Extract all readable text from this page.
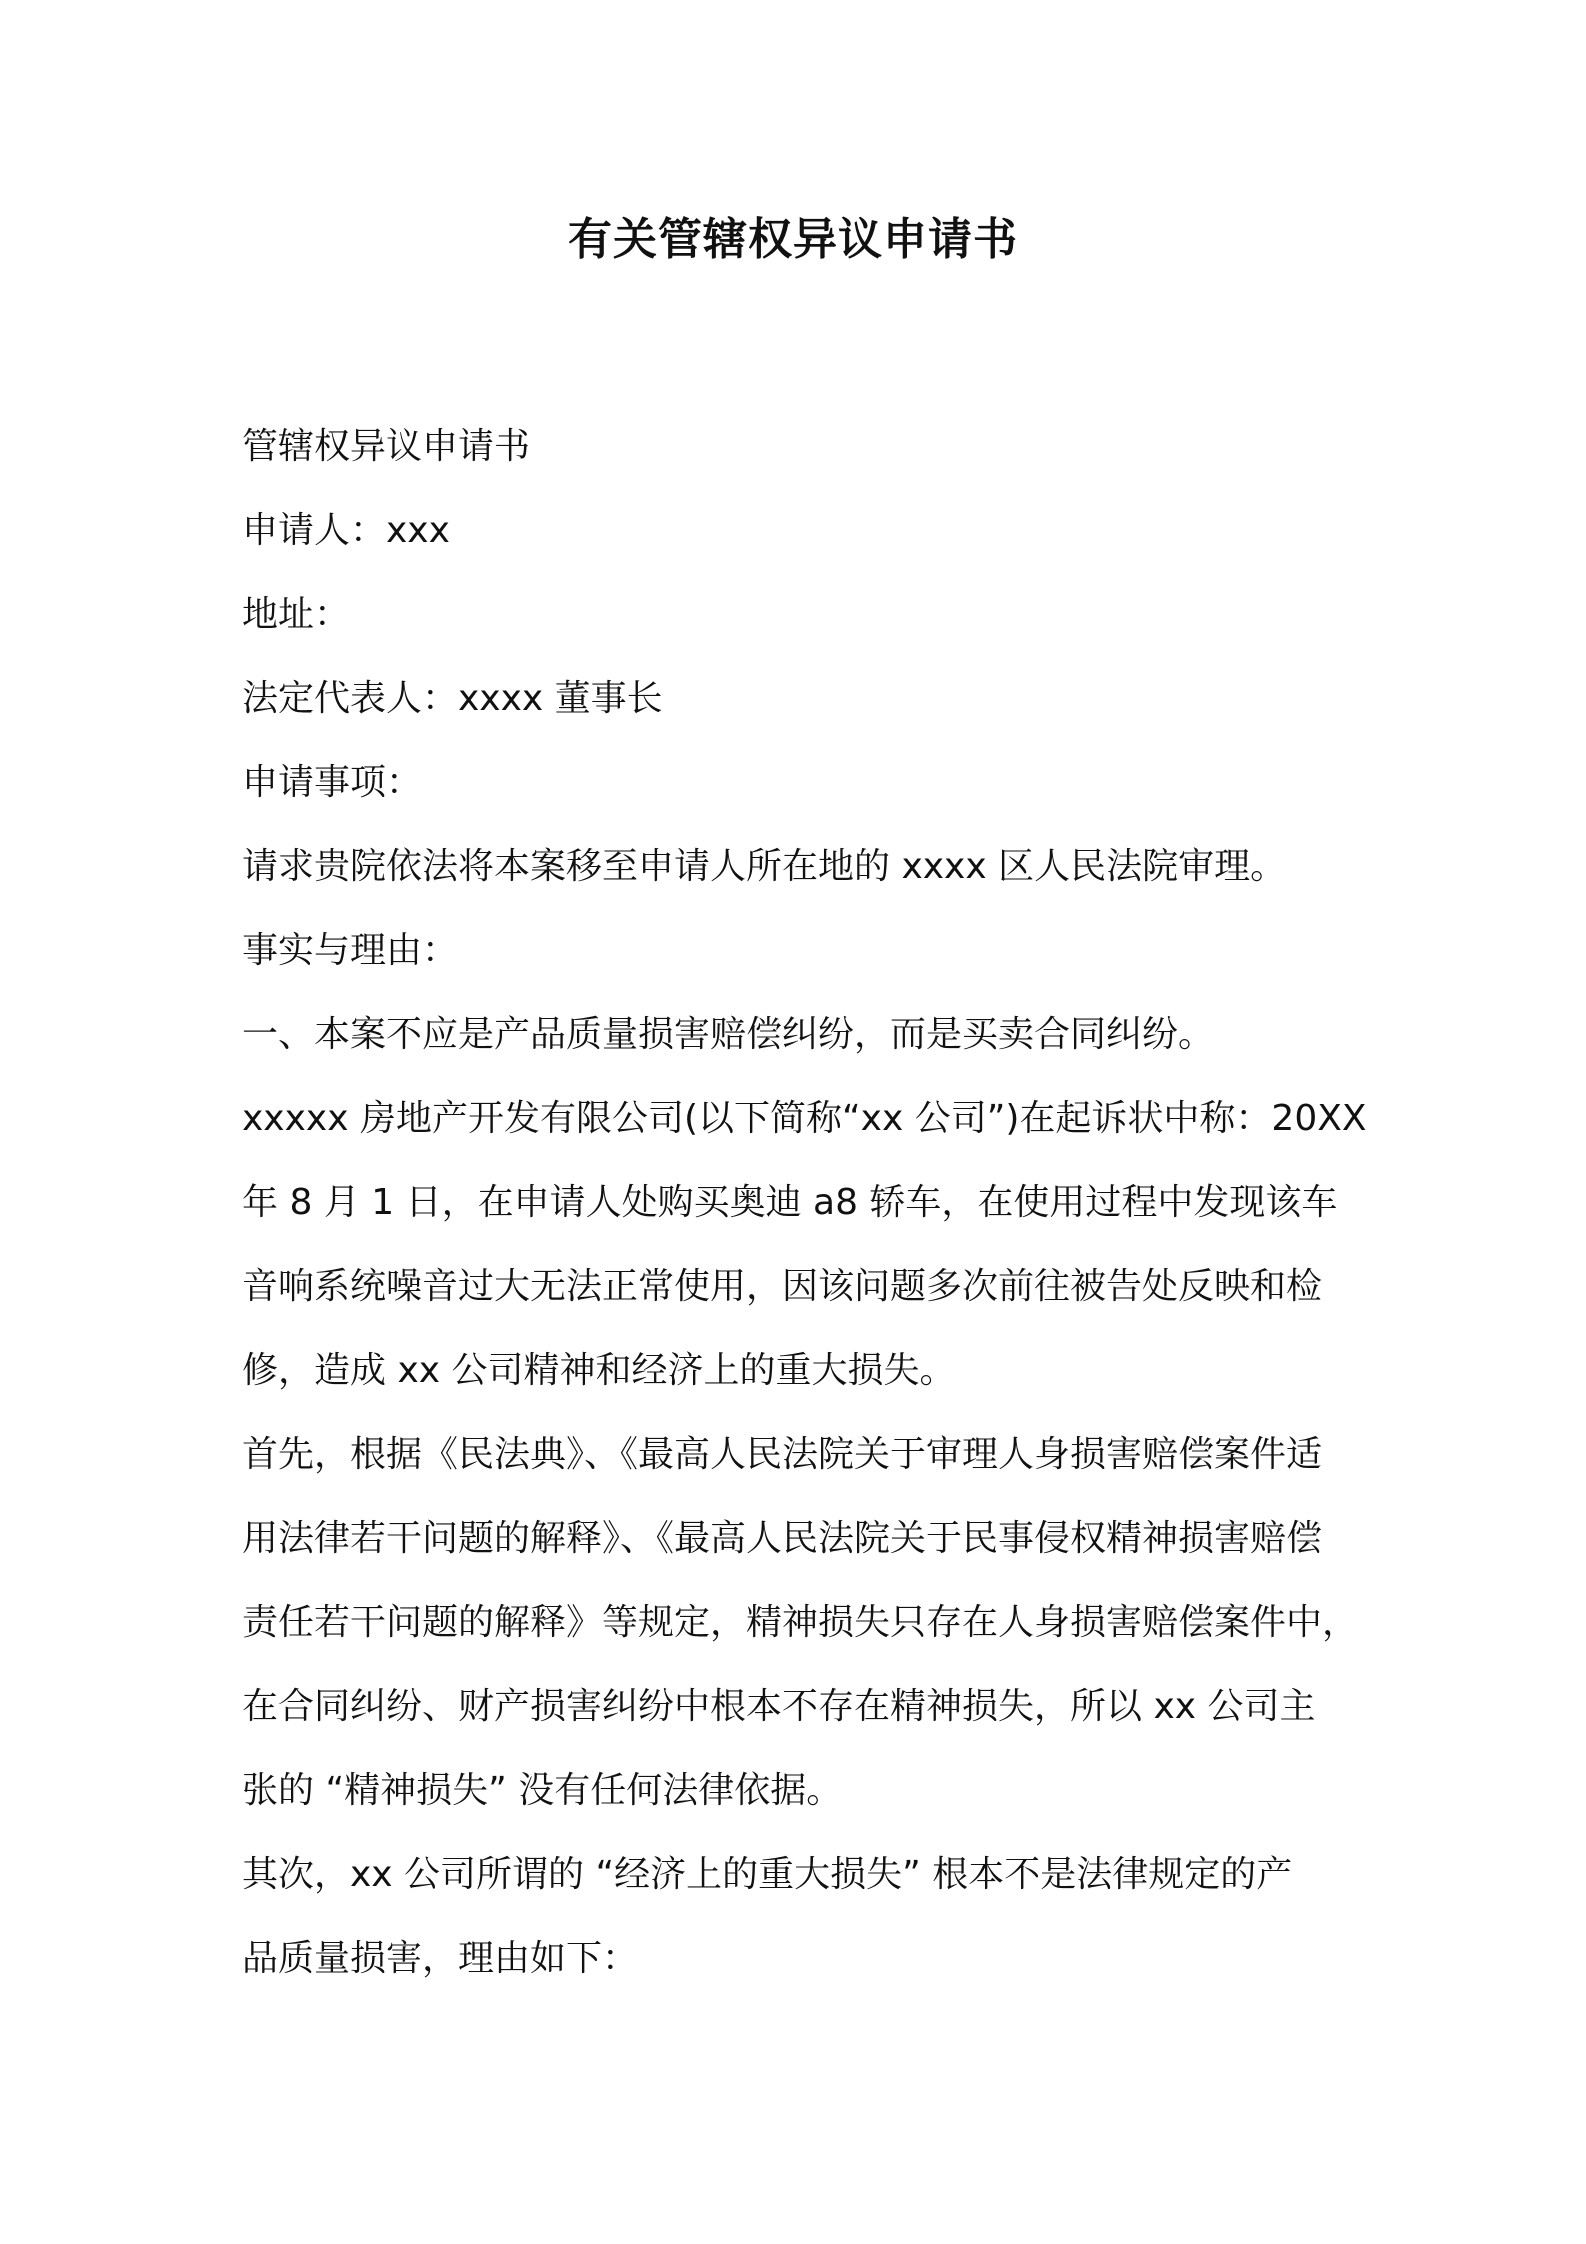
有关管辖权异议申请书
管辖权异议申请书
申请人：xxx
地址：
法定代表人：xxxx 董事长
申请事项：
请求贵院依法将本案移至申请人所在地的 xxxx 区人民法院审理。
事实与理由：
一、本案不应是产品质量损害赔偿纠纷，而是买卖合同纠纷。
xxxxx 房地产开发有限公司(以下简称“xx 公司”)在起诉状中称：20XX
年 8 月 1 日，在申请人处购买奥迪 a8 轿车，在使用过程中发现该车
音响系统噪音过大无法正常使用，因该问题多次前往被告处反映和检
修，造成 xx 公司精神和经济上的重大损失。
首先，根据《民法典》、《最高人民法院关于审理人身损害赔偿案件适
用法律若干问题的解释》、《最高人民法院关于民事侵权精神损害赔偿
责任若干问题的解释》等规定，精神损失只存在人身损害赔偿案件中，
在合同纠纷、财产损害纠纷中根本不存在精神损失，所以 xx 公司主
张的 “精神损失” 没有任何法律依据。
其次，xx 公司所谓的 “经济上的重大损失” 根本不是法律规定的产
品质量损害，理由如下：
